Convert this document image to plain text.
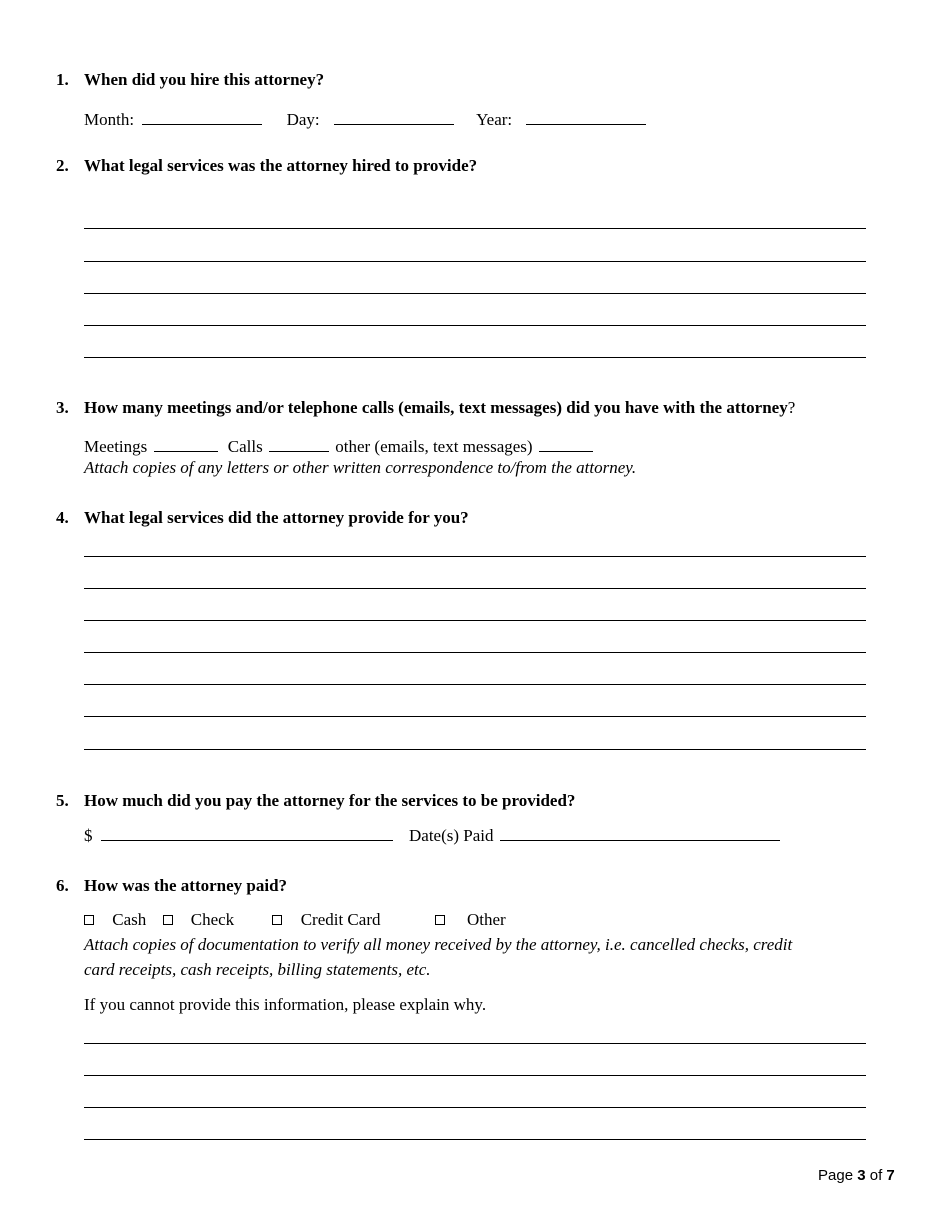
1. When did you hire this attorney?
Month:	Day:	Year:
2. What legal services was the attorney hired to provide?
3. How many meetings and/or telephone calls (emails, text messages) did you have with the attorney?
Meetings	Calls	other (emails, text messages)
Attach copies of any letters or other written correspondence to/from the attorney.
4. What legal services did the attorney provide for you?
5. How much did you pay the attorney for the services to be provided?
$	Date(s) Paid
6. How was the attorney paid?
Cash	Check	Credit Card	Other
Attach copies of documentation to verify all money received by the attorney, i.e. cancelled checks, credit
card receipts, cash receipts, billing statements, etc.
If you cannot provide this information, please explain why.
Page 3 of 7
